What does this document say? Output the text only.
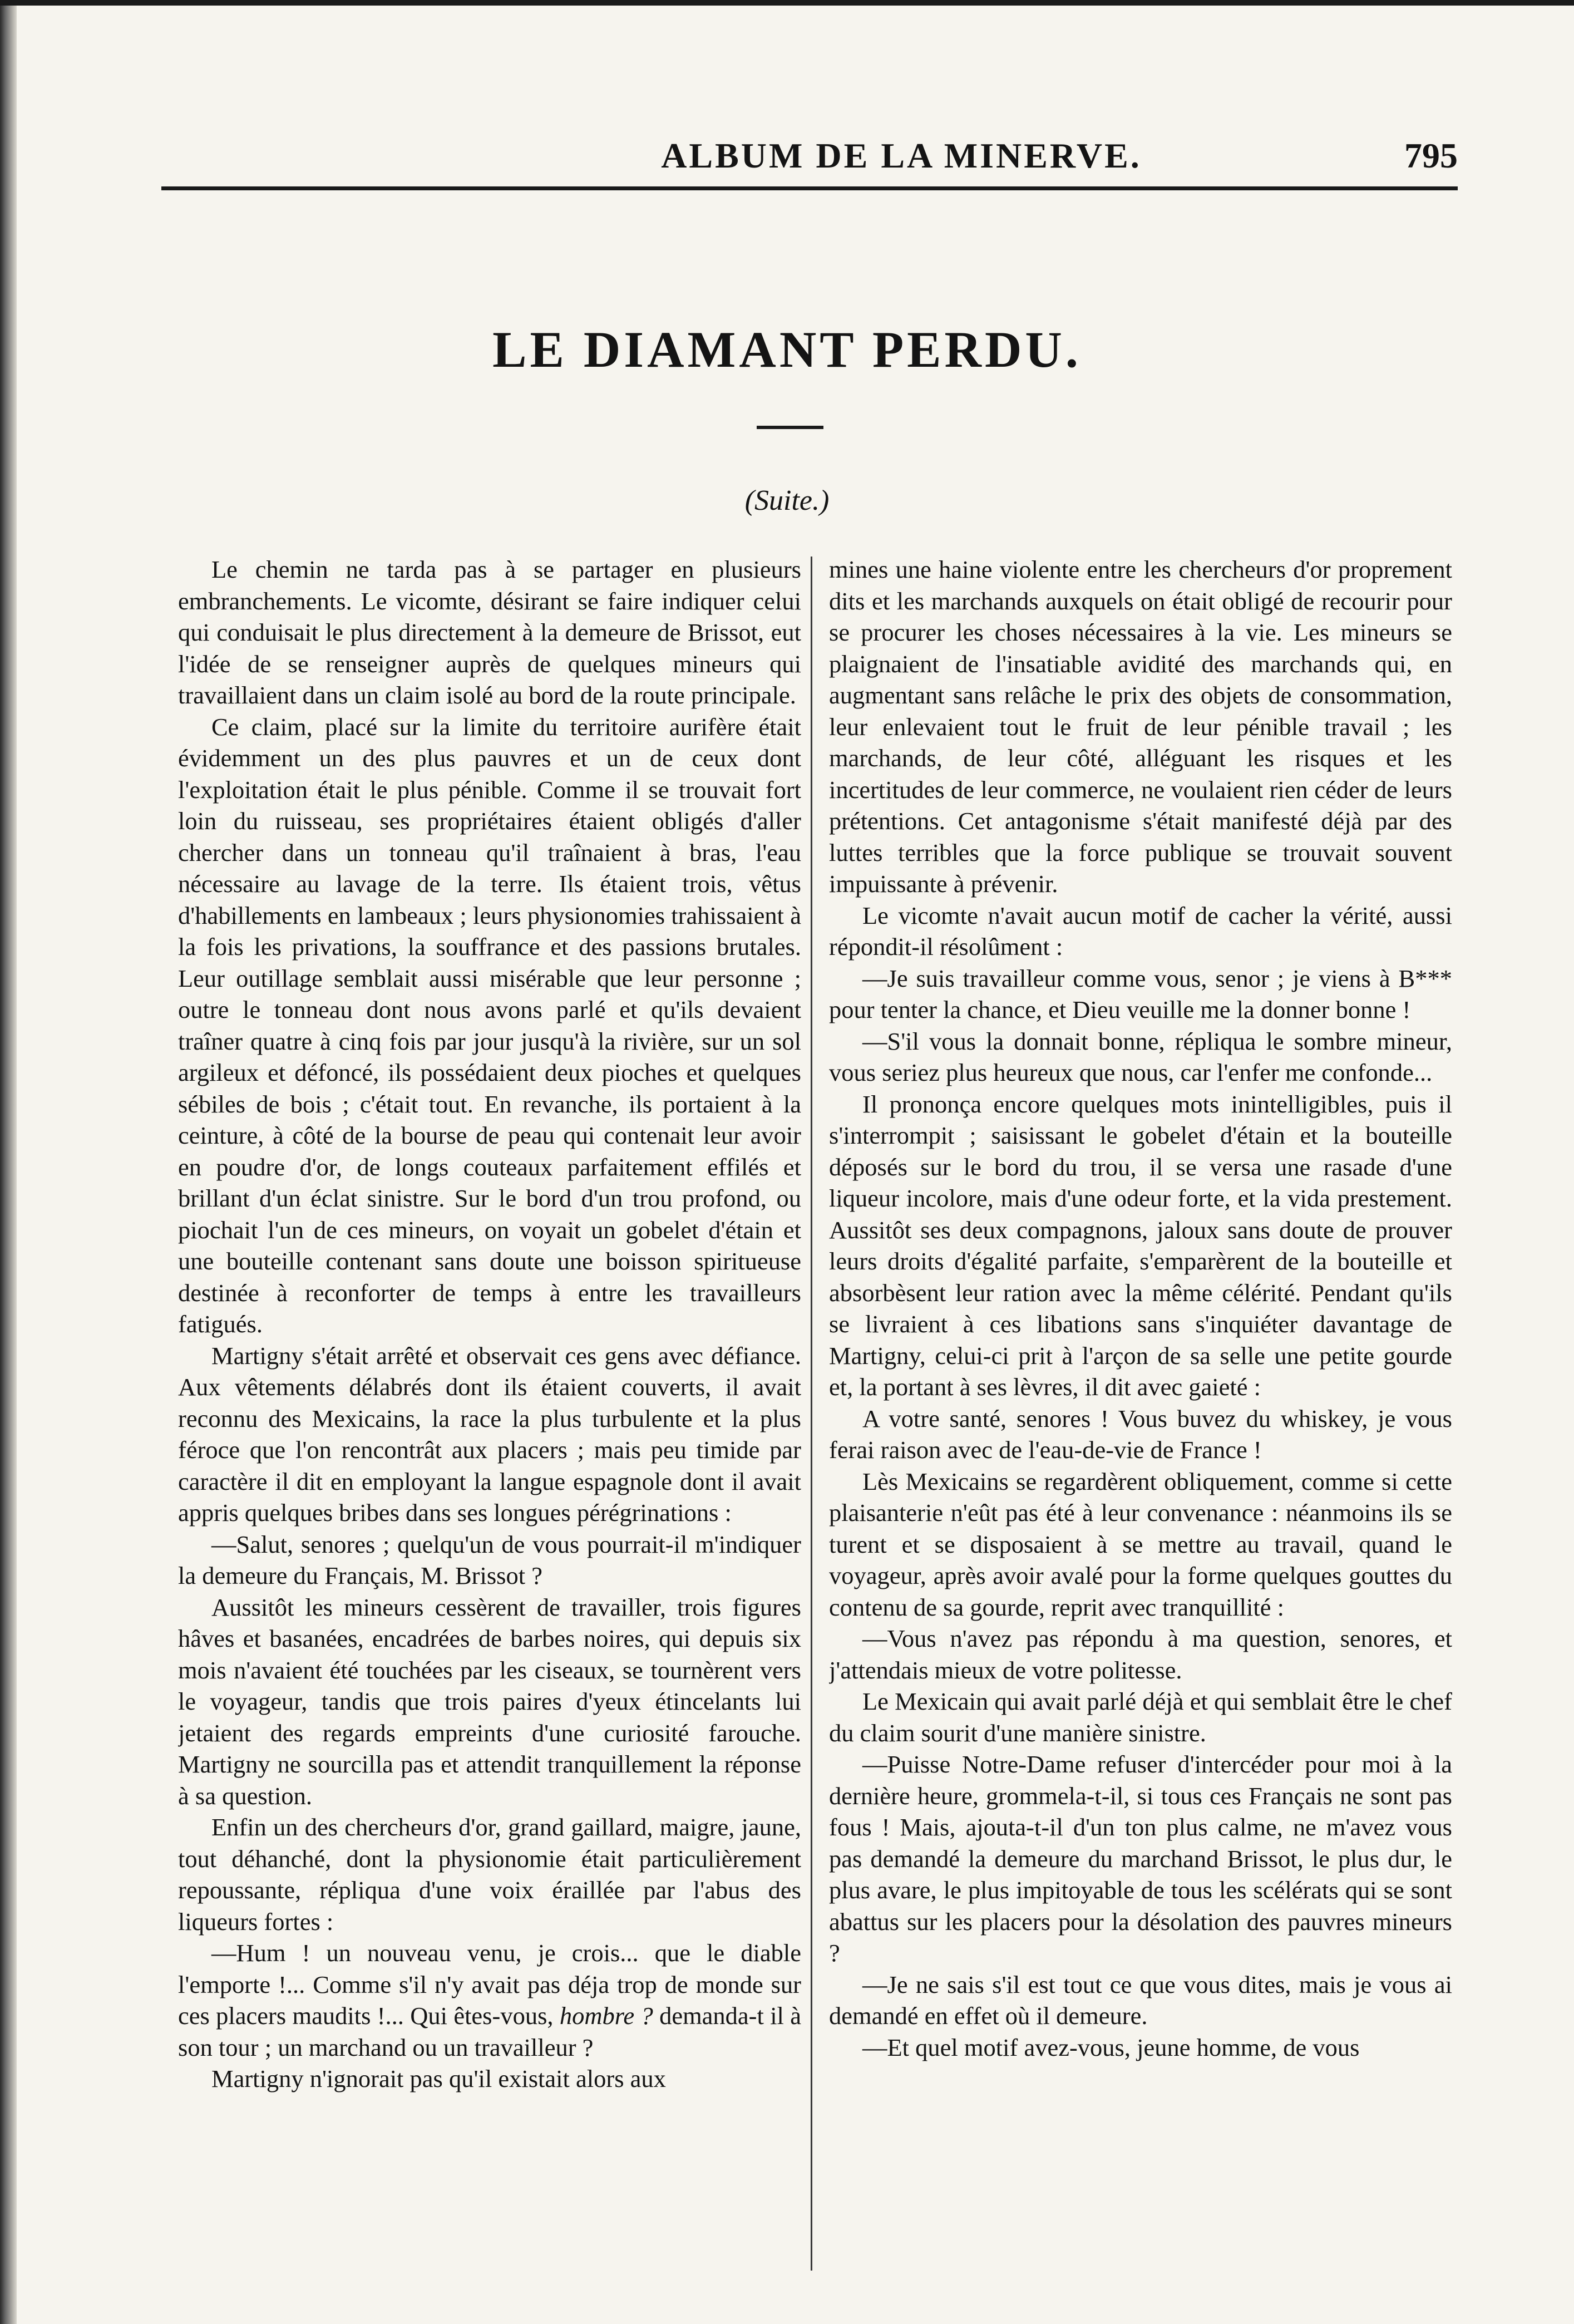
ALBUM DE LA MINERVE.	795
LE DIAMANT PERDU.
(Suite.)

Le chemin ne tarda pas à se partager en plusieurs embranchements. Le vicomte, désirant se faire indiquer celui qui conduisait le plus directement à la demeure de Brissot, eut l'idée de se renseigner auprès de quelques mineurs qui travaillaient dans un claim isolé au bord de la route principale.

Ce claim, placé sur la limite du territoire aurifère était évidemment un des plus pauvres et un de ceux dont l'exploitation était le plus pénible. Comme il se trouvait fort loin du ruisseau, ses propriétaires étaient obligés d'aller chercher dans un tonneau qu'il traînaient à bras, l'eau nécessaire au lavage de la terre. Ils étaient trois, vêtus d'habillements en lambeaux ; leurs physionomies trahissaient à la fois les privations, la souffrance et des passions brutales. Leur outillage semblait aussi misérable que leur personne ; outre le tonneau dont nous avons parlé et qu'ils devaient traîner quatre à cinq fois par jour jusqu'à la rivière, sur un sol argileux et défoncé, ils possédaient deux pioches et quelques sébiles de bois ; c'était tout. En revanche, ils portaient à la ceinture, à côté de la bourse de peau qui contenait leur avoir en poudre d'or, de longs couteaux parfaitement effilés et brillant d'un éclat sinistre. Sur le bord d'un trou profond, ou piochait l'un de ces mineurs, on voyait un gobelet d'étain et une bouteille contenant sans doute une boisson spiritueuse destinée à reconforter de temps à entre les travailleurs fatigués.

Martigny s'était arrêté et observait ces gens avec défiance. Aux vêtements délabrés dont ils étaient couverts, il avait reconnu des Mexicains, la race la plus turbulente et la plus féroce que l'on rencontrât aux placers ; mais peu timide par caractère il dit en employant la langue espagnole dont il avait appris quelques bribes dans ses longues pérégrinations :

—Salut, senores ; quelqu'un de vous pourrait-il m'indiquer la demeure du Français, M. Brissot ?

Aussitôt les mineurs cessèrent de travailler, trois figures hâves et basanées, encadrées de barbes noires, qui depuis six mois n'avaient été touchées par les ciseaux, se tournèrent vers le voyageur, tandis que trois paires d'yeux étincelants lui jetaient des regards empreints d'une curiosité farouche. Martigny ne sourcilla pas et attendit tranquillement la réponse à sa question.

Enfin un des chercheurs d'or, grand gaillard, maigre, jaune, tout déhanché, dont la physionomie était particulièrement repoussante, répliqua d'une voix éraillée par l'abus des liqueurs fortes :

—Hum ! un nouveau venu, je crois... que le diable l'emporte !... Comme s'il n'y avait pas déja trop de monde sur ces placers maudits !... Qui êtes-vous, hombre ? demanda-t il à son tour ; un marchand ou un travailleur ?

Martigny n'ignorait pas qu'il existait alors aux

mines une haine violente entre les chercheurs d'or proprement dits et les marchands auxquels on était obligé de recourir pour se procurer les choses nécessaires à la vie. Les mineurs se plaignaient de l'insatiable avidité des marchands qui, en augmentant sans relâche le prix des objets de consommation, leur enlevaient tout le fruit de leur pénible travail ; les marchands, de leur côté, alléguant les risques et les incertitudes de leur commerce, ne voulaient rien céder de leurs prétentions. Cet antagonisme s'était manifesté déjà par des luttes terribles que la force publique se trouvait souvent impuissante à prévenir.

Le vicomte n'avait aucun motif de cacher la vérité, aussi répondit-il résolûment :

—Je suis travailleur comme vous, senor ; je viens à B*** pour tenter la chance, et Dieu veuille me la donner bonne !

—S'il vous la donnait bonne, répliqua le sombre mineur, vous seriez plus heureux que nous, car l'enfer me confonde...

Il prononça encore quelques mots inintelligibles, puis il s'interrompit ; saisissant le gobelet d'étain et la bouteille déposés sur le bord du trou, il se versa une rasade d'une liqueur incolore, mais d'une odeur forte, et la vida prestement. Aussitôt ses deux compagnons, jaloux sans doute de prouver leurs droits d'égalité parfaite, s'emparèrent de la bouteille et absorbèsent leur ration avec la même célérité. Pendant qu'ils se livraient à ces libations sans s'inquiéter davantage de Martigny, celui-ci prit à l'arçon de sa selle une petite gourde et, la portant à ses lèvres, il dit avec gaieté :

A votre santé, senores ! Vous buvez du whiskey, je vous ferai raison avec de l'eau-de-vie de France !

Lès Mexicains se regardèrent obliquement, comme si cette plaisanterie n'eût pas été à leur convenance : néanmoins ils se turent et se disposaient à se mettre au travail, quand le voyageur, après avoir avalé pour la forme quelques gouttes du contenu de sa gourde, reprit avec tranquillité :

—Vous n'avez pas répondu à ma question, senores, et j'attendais mieux de votre politesse.

Le Mexicain qui avait parlé déjà et qui semblait être le chef du claim sourit d'une manière sinistre.

—Puisse Notre-Dame refuser d'intercéder pour moi à la dernière heure, grommela-t-il, si tous ces Français ne sont pas fous ! Mais, ajouta-t-il d'un ton plus calme, ne m'avez vous pas demandé la demeure du marchand Brissot, le plus dur, le plus avare, le plus impitoyable de tous les scélérats qui se sont abattus sur les placers pour la désolation des pauvres mineurs ?

—Je ne sais s'il est tout ce que vous dites, mais je vous ai demandé en effet où il demeure.

—Et quel motif avez-vous, jeune homme, de vous
